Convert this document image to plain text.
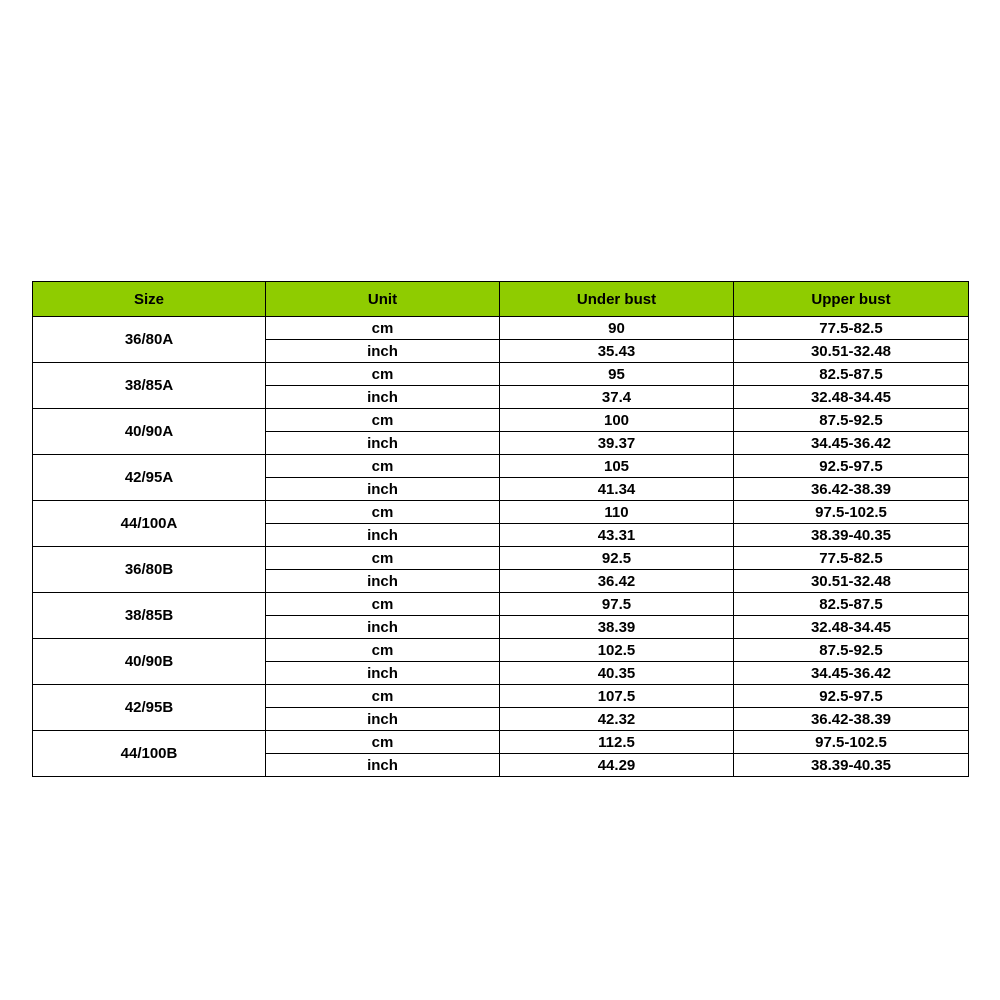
Size	Unit	Under bust	Upper bust
36/80A	cm	90	77.5-82.5
	inch	35.43	30.51-32.48
38/85A	cm	95	82.5-87.5
	inch	37.4	32.48-34.45
40/90A	cm	100	87.5-92.5
	inch	39.37	34.45-36.42
42/95A	cm	105	92.5-97.5
	inch	41.34	36.42-38.39
44/100A	cm	110	97.5-102.5
	inch	43.31	38.39-40.35
36/80B	cm	92.5	77.5-82.5
	inch	36.42	30.51-32.48
38/85B	cm	97.5	82.5-87.5
	inch	38.39	32.48-34.45
40/90B	cm	102.5	87.5-92.5
	inch	40.35	34.45-36.42
42/95B	cm	107.5	92.5-97.5
	inch	42.32	36.42-38.39
44/100B	cm	112.5	97.5-102.5
	inch	44.29	38.39-40.35
